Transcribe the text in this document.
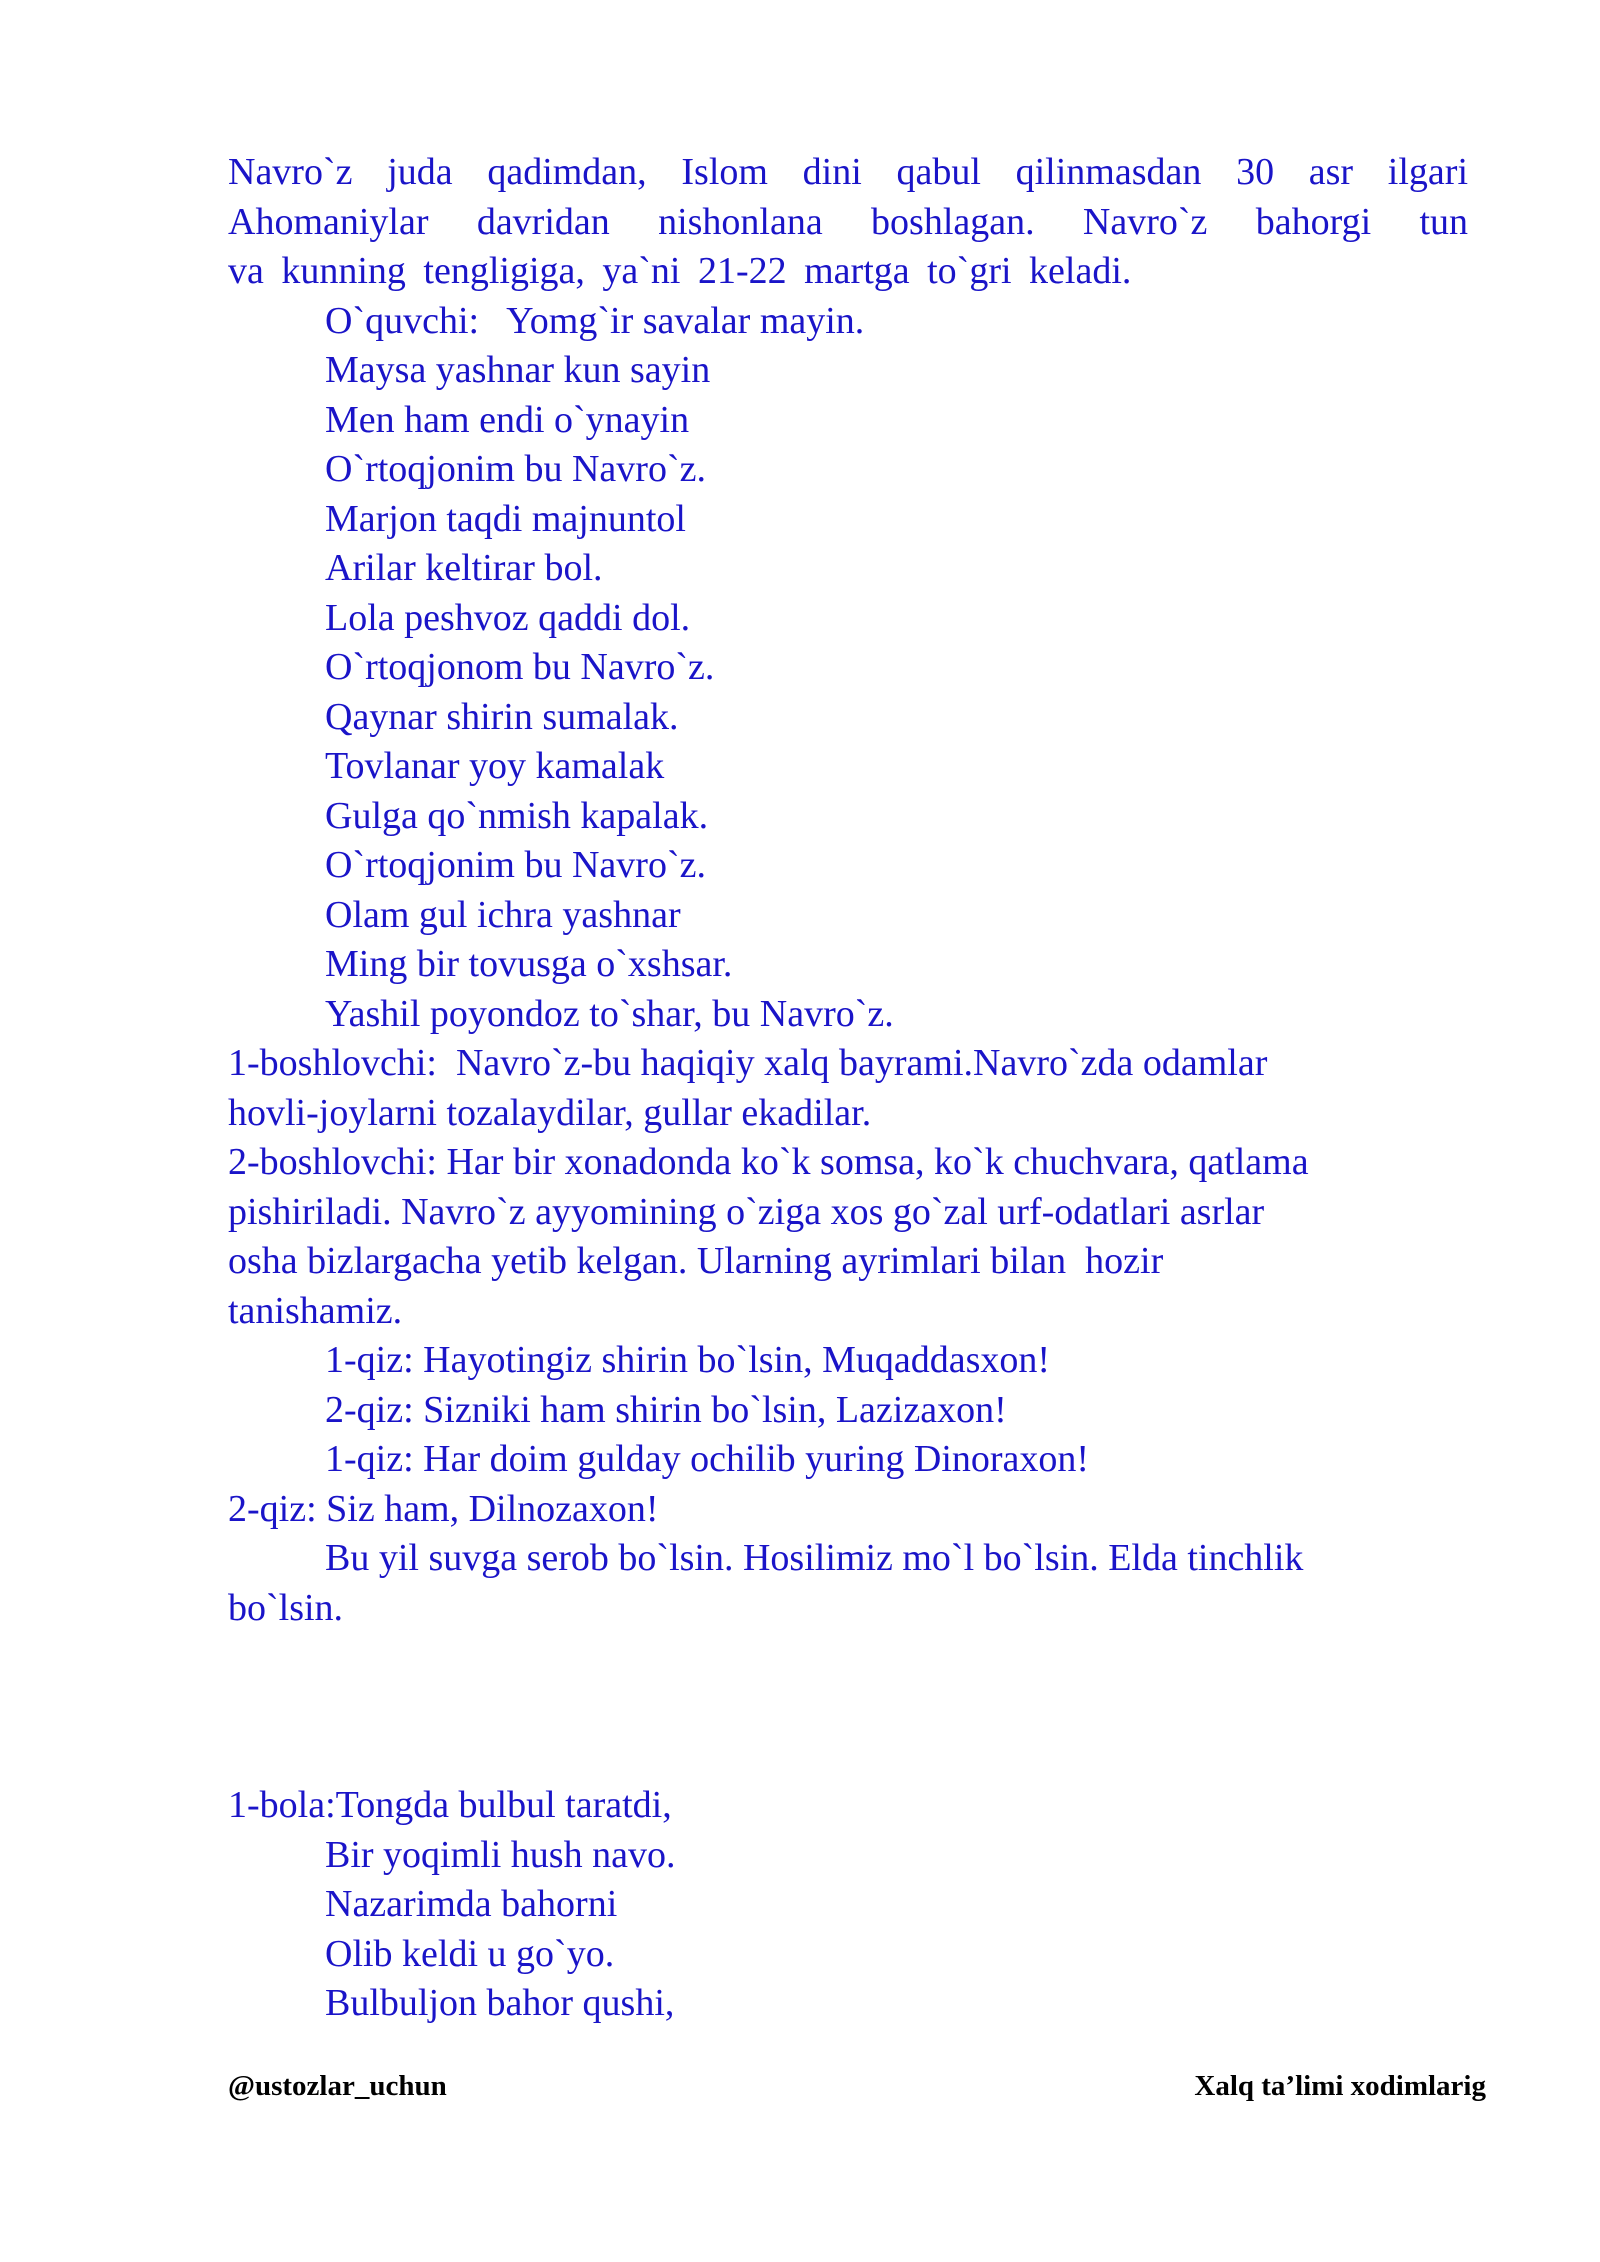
Navro`z juda qadimdan, Islom dini qabul qilinmasdan 30 asr ilgari
Ahomaniylar davridan nishonlana boshlagan. Navro`z bahorgi tun
va kunning tengligiga, ya`ni 21-22 martga to`gri keladi.
O`quvchi:   Yomg`ir savalar mayin.
Maysa yashnar kun sayin
Men ham endi o`ynayin
O`rtoqjonim bu Navro`z.
Marjon taqdi majnuntol
Arilar keltirar bol.
Lola peshvoz qaddi dol.
O`rtoqjonom bu Navro`z.
Qaynar shirin sumalak.
Tovlanar yoy kamalak
Gulga qo`nmish kapalak.
O`rtoqjonim bu Navro`z.
Olam gul ichra yashnar
Ming bir tovusga o`xshsar.
Yashil poyondoz to`shar, bu Navro`z.
1-boshlovchi:  Navro`z-bu haqiqiy xalq bayrami.Navro`zda odamlar
hovli-joylarni tozalaydilar, gullar ekadilar.
2-boshlovchi: Har bir xonadonda ko`k somsa, ko`k chuchvara, qatlama
pishiriladi. Navro`z ayyomining o`ziga xos go`zal urf-odatlari asrlar
osha bizlargacha yetib kelgan. Ularning ayrimlari bilan  hozir
tanishamiz.
1-qiz: Hayotingiz shirin bo`lsin, Muqaddasxon!
2-qiz: Sizniki ham shirin bo`lsin, Lazizaxon!
1-qiz: Har doim gulday ochilib yuring Dinoraxon!
2-qiz: Siz ham, Dilnozaxon!
Bu yil suvga serob bo`lsin. Hosilimiz mo`l bo`lsin. Elda tinchlik
bo`lsin.
1-bola:Tongda bulbul taratdi,
Bir yoqimli hush navo.
Nazarimda bahorni
Olib keldi u go`yo.
Bulbuljon bahor qushi,
@ustozlar_uchun	Xalq ta’limi xodimlarig
